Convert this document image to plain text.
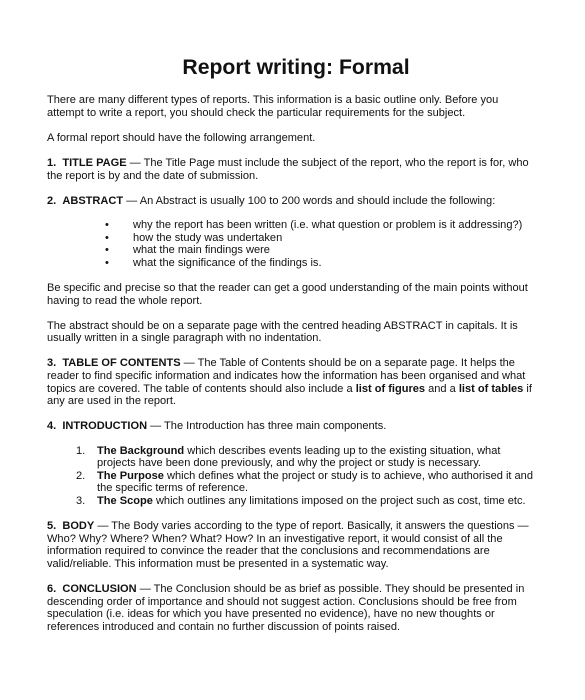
Report writing: Formal

There are many different types of reports. This information is a basic outline only. Before you attempt to write a report, you should check the particular requirements for the subject.

A formal report should have the following arrangement.

1. TITLE PAGE — The Title Page must include the subject of the report, who the report is for, who the report is by and the date of submission.

2. ABSTRACT — An Abstract is usually 100 to 200 words and should include the following:

• why the report has been written (i.e. what question or problem is it addressing?)
• how the study was undertaken
• what the main findings were
• what the significance of the findings is.

Be specific and precise so that the reader can get a good understanding of the main points without having to read the whole report.

The abstract should be on a separate page with the centred heading ABSTRACT in capitals. It is usually written in a single paragraph with no indentation.

3. TABLE OF CONTENTS — The Table of Contents should be on a separate page. It helps the reader to find specific information and indicates how the information has been organised and what topics are covered. The table of contents should also include a list of figures and a list of tables if any are used in the report.

4. INTRODUCTION — The Introduction has three main components.

1. The Background which describes events leading up to the existing situation, what projects have been done previously, and why the project or study is necessary.
2. The Purpose which defines what the project or study is to achieve, who authorised it and the specific terms of reference.
3. The Scope which outlines any limitations imposed on the project such as cost, time etc.

5. BODY — The Body varies according to the type of report. Basically, it answers the questions — Who? Why? Where? When? What? How? In an investigative report, it would consist of all the information required to convince the reader that the conclusions and recommendations are valid/reliable. This information must be presented in a systematic way.

6. CONCLUSION — The Conclusion should be as brief as possible. They should be presented in descending order of importance and should not suggest action. Conclusions should be free from speculation (i.e. ideas for which you have presented no evidence), have no new thoughts or references introduced and contain no further discussion of points raised.
